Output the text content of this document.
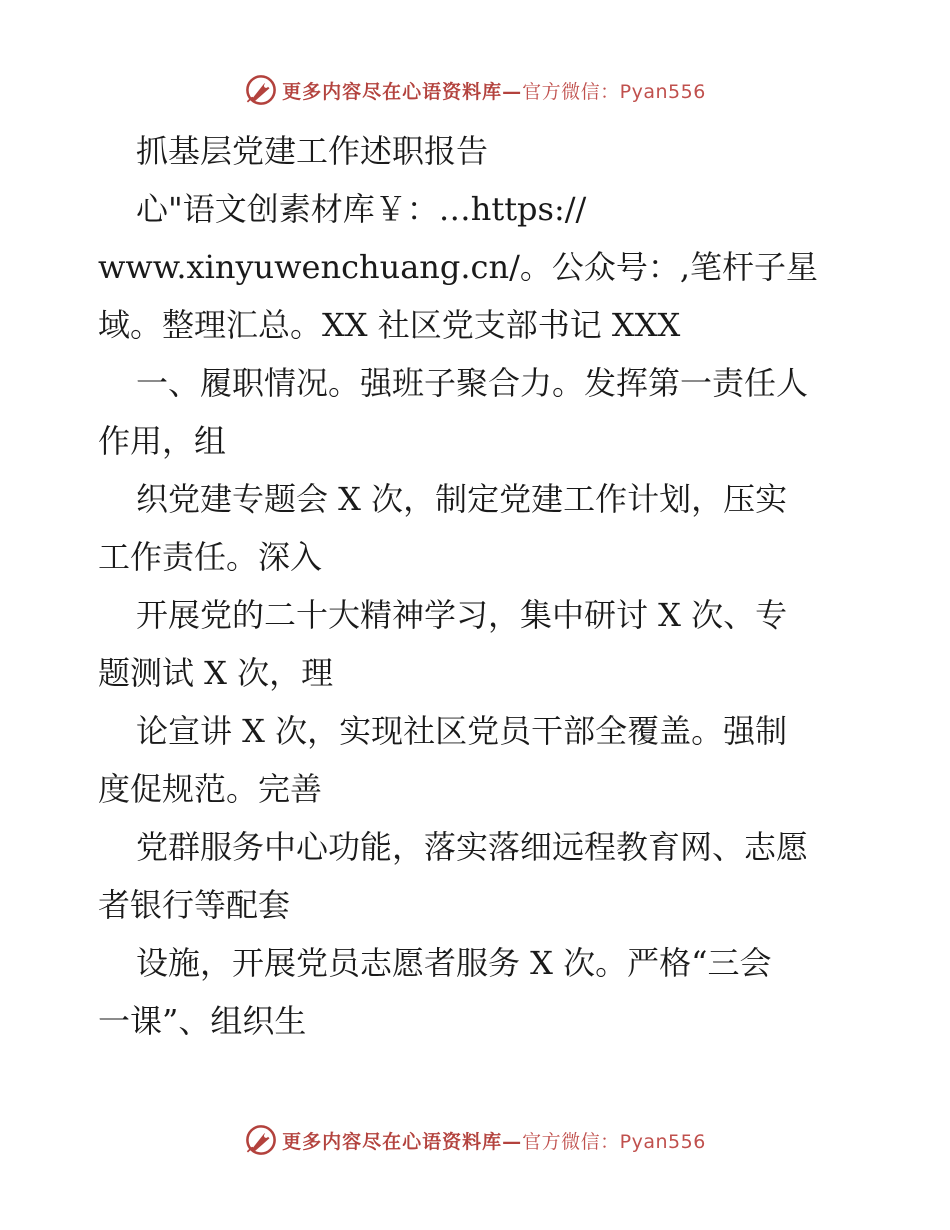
更多内容尽在心语资料库—官方微信：Pyan556
抓基层党建工作述职报告
心"语文创素材库￥：…https://
www.xinyuwenchuang.cn/。公众号：,笔杆子星
域。整理汇总。XX 社区党支部书记 XXX
一、履职情况。强班子聚合力。发挥第一责任人
作用，组
织党建专题会 X 次，制定党建工作计划，压实
工作责任。深入
开展党的二十大精神学习，集中研讨 X 次、专
题测试 X 次，理
论宣讲 X 次，实现社区党员干部全覆盖。强制
度促规范。完善
党群服务中心功能，落实落细远程教育网、志愿
者银行等配套
设施，开展党员志愿者服务 X 次。严格“三会
一课”、组织生
更多内容尽在心语资料库—官方微信：Pyan556
